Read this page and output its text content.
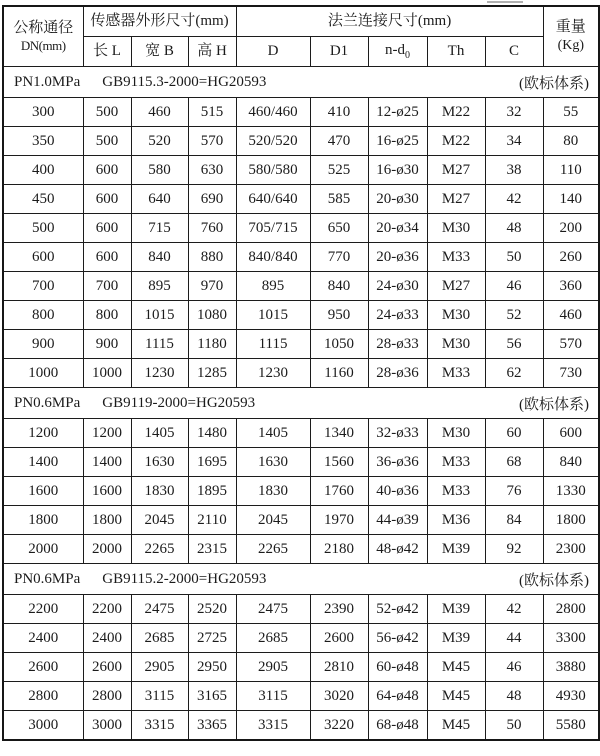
公称通径
DN(mm)
	传感器外形尺寸(mm)	法兰连接尺寸(mm)	重量
(Kg)

	长 L	宽 B	高 H	D	D1	$n-d_0$	Th	C	

PN1.0MPa GB9115.3-2000=HG20593 (欧标体系)									

300	500	460	515	460/460	410	12-ø25	M22	32	55
350	500	520	570	520/520	470	16-ø25	M22	34	80
400	600	580	630	580/580	525	16-ø30	M27	38	110
450	600	640	690	640/640	585	20-ø30	M27	42	140
500	600	715	760	705/715	650	20-ø34	M30	48	200
600	600	840	880	840/840	770	20-ø36	M33	50	260
700	700	895	970	895	840	24-ø30	M27	46	360
800	800	1015	1080	1015	950	24-ø33	M30	52	460
900	900	1115	1180	1115	1050	28-ø33	M30	56	570
1000	1000	1230	1285	1230	1160	28-ø36	M33	62	730

PN0.6MPa GB9119-2000=HG20593 (欧标体系)									

1200	1200	1405	1480	1405	1340	32-ø33	M30	60	600
1400	1400	1630	1695	1630	1560	36-ø36	M33	68	840
1600	1600	1830	1895	1830	1760	40-ø36	M33	76	1330
1800	1800	2045	2110	2045	1970	44-ø39	M36	84	1800
2000	2000	2265	2315	2265	2180	48-ø42	M39	92	2300

PN0.6MPa GB9115.2-2000=HG20593 (欧标体系)									

2200	2200	2475	2520	2475	2390	52-ø42	M39	42	2800
2400	2400	2685	2725	2685	2600	56-ø42	M39	44	3300
2600	2600	2905	2950	2905	2810	60-ø48	M45	46	3880
2800	2800	3115	3165	3115	3020	64-ø48	M45	48	4930
3000	3000	3315	3365	3315	3220	68-ø48	M45	50	5580
